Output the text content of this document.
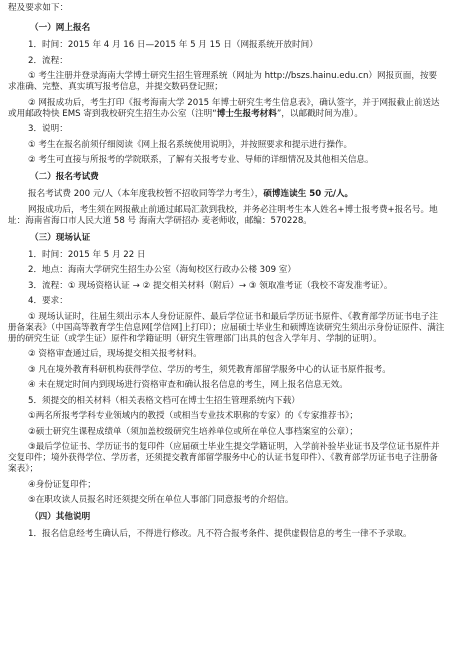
程及要求如下：

（一）网上报名

1．时间：2015 年 4 月 16 日—2015 年 5 月 15 日（网报系统开放时间）

2．流程：

① 考生注册并登录海南大学博士研究生招生管理系统（网址为 http://bszs.hainu.edu.cn）网报页面，按要求准确、完整、真实填写报考信息，并提交数码登记照；

② 网报成功后，考生打印《报考海南大学 2015 年博士研究生考生信息表》，确认签字，并于网报截止前送达或用邮政特快 EMS 寄到我校研究生招生办公室（注明“博士生报考材料”，以邮戳时间为准）。

3．说明：

① 考生在报名前须仔细阅读《网上报名系统使用说明》，并按照要求和提示进行操作。

② 考生可直接与所报考的学院联系，了解有关报考专业、导师的详细情况及其他相关信息。

（二）报名考试费

报名考试费 200 元/人（本年度我校暂不招收同等学力考生），硕博连读生 50 元/人。

网报成功后，考生须在网报截止前通过邮局汇款到我校，并务必注明考生本人姓名+博士报考费+报名号。地址：海南省海口市人民大道 58 号 海南大学研招办 麦老师收，邮编：570228。

（三）现场认证

1．时间：2015 年 5 月 22 日

2．地点：海南大学研究生招生办公室（海甸校区行政办公楼 309 室）

3．流程：① 现场资格认证 → ② 提交相关材料（附后）→ ③ 领取准考证（我校不寄发准考证）。

4．要求：

① 现场认证时，往届生须出示本人身份证原件、最后学位证书和最后学历证书原件、《教育部学历证书电子注册备案表》（中国高等教育学生信息网[学信网]上打印）；应届硕士毕业生和硕博连读研究生须出示身份证原件、满注册的研究生证（或学生证）原件和学籍证明（研究生管理部门出具的包含入学年月、学制的证明）。

② 资格审查通过后，现场提交相关报考材料。

③ 凡在境外教育科研机构获得学位、学历的考生，须凭教育部留学服务中心的认证书原件报考。

④ 未在规定时间内到现场进行资格审查和确认报名信息的考生，网上报名信息无效。

5．须提交的相关材料（相关表格文档可在博士生招生管理系统内下载）

①两名所报考学科专业领域内的教授（或相当专业技术职称的专家）的《专家推荐书》；

②硕士研究生课程成绩单（须加盖校级研究生培养单位或所在单位人事档案室的公章）；

③最后学位证书、学历证书的复印件（应届硕士毕业生提交学籍证明，入学前补验毕业证书及学位证书原件并交复印件；境外获得学位、学历者，还须提交教育部留学服务中心的认证书复印件）、《教育部学历证书电子注册备案表》；

④身份证复印件；

⑤在职攻读人员报名时还须提交所在单位人事部门同意报考的介绍信。

（四）其他说明

1．报名信息经考生确认后，不得进行修改。凡不符合报考条件、提供虚假信息的考生一律不予录取。
